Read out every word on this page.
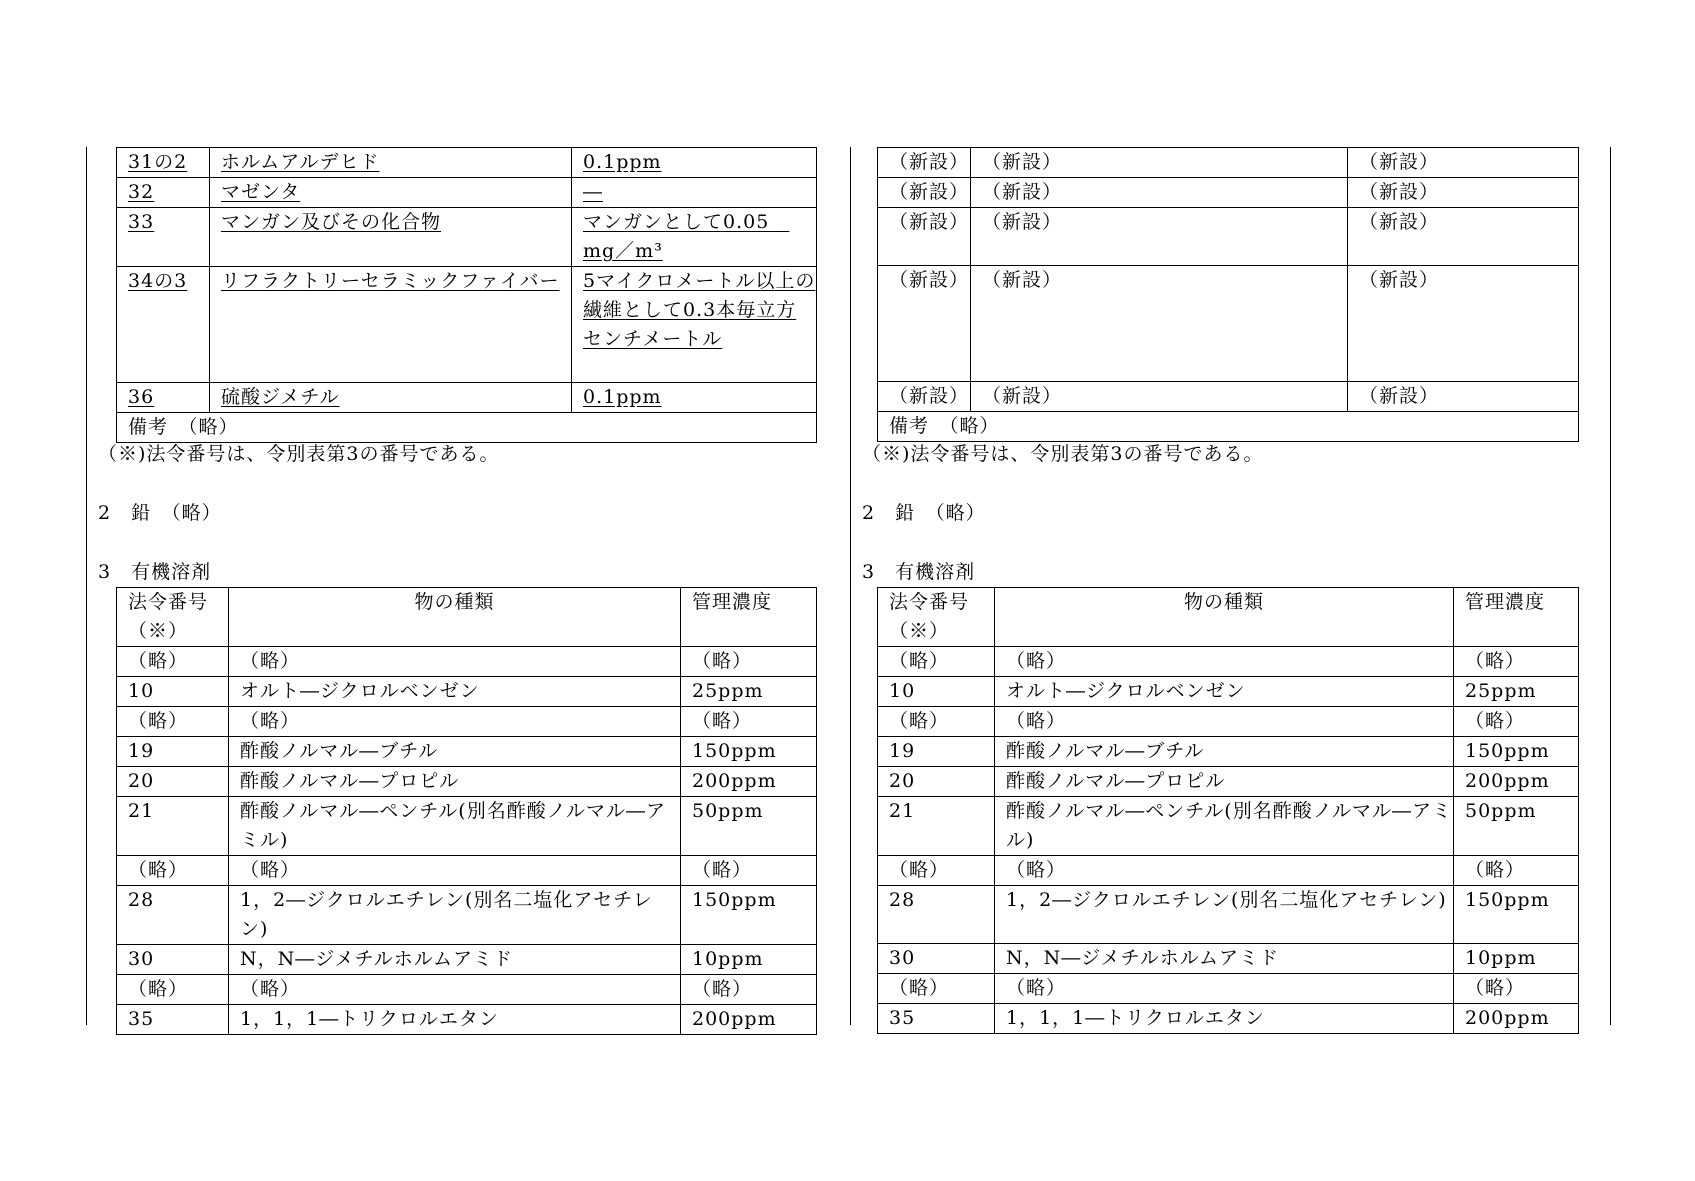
31の2	ホルムアルデヒド	0.1ppm
32	マゼンタ	―
33	マンガン及びその化合物	マンガンとして0.05　mg／m³
34の3	リフラクトリーセラミックファイバー	5マイクロメートル以上の繊維として0.3本毎立方センチメートル
36	硫酸ジメチル	0.1ppm
備考　（略）		
（※)法令番号は、令別表第3の番号である。
2　鉛　（略）
3　有機溶剤
法令番号（※）	物の種類	管理濃度
（略）	（略）	（略）
10	オルト―ジクロルベンゼン	25ppm
（略）	（略）	（略）
19	酢酸ノルマル―ブチル	150ppm
20	酢酸ノルマル―プロピル	200ppm
21	酢酸ノルマル―ペンチル(別名酢酸ノルマル―アミル)	50ppm
（略）	（略）	（略）
28	1，2―ジクロルエチレン(別名二塩化アセチレン)	150ppm
30	N，N―ジメチルホルムアミド	10ppm
（略）	（略）	（略）
35	1，1，1―トリクロルエタン	200ppm
（新設）	（新設）	（新設）
（新設）	（新設）	（新設）
（新設）	（新設）	（新設）
（新設）	（新設）	（新設）
（新設）	（新設）	（新設）
備考　（略）		
（※)法令番号は、令別表第3の番号である。
2　鉛　（略）
3　有機溶剤
法令番号（※）	物の種類	管理濃度
（略）	（略）	（略）
10	オルト―ジクロルベンゼン	25ppm
（略）	（略）	（略）
19	酢酸ノルマル―ブチル	150ppm
20	酢酸ノルマル―プロピル	200ppm
21	酢酸ノルマル―ペンチル(別名酢酸ノルマル―アミル)	50ppm
（略）	（略）	（略）
28	1，2―ジクロルエチレン(別名二塩化アセチレン)	150ppm
30	N，N―ジメチルホルムアミド	10ppm
（略）	（略）	（略）
35	1，1，1―トリクロルエタン	200ppm
